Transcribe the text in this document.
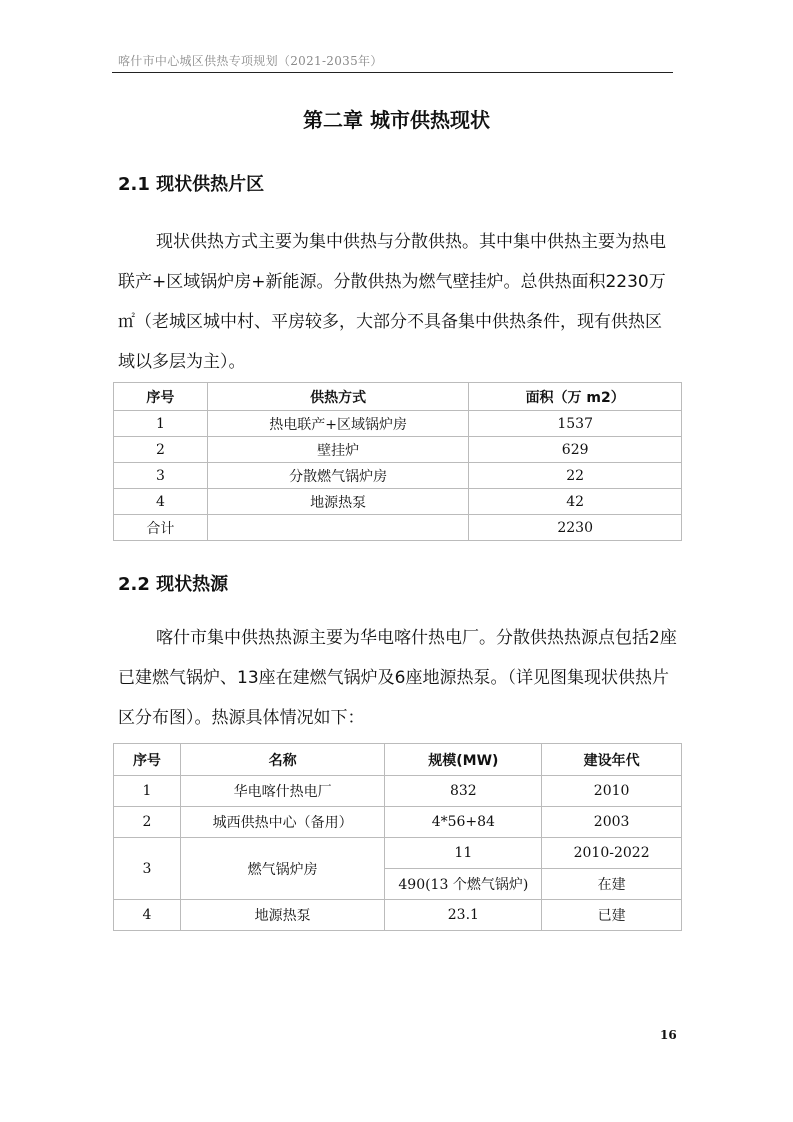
喀什市中心城区供热专项规划（2021-2035年）
第二章 城市供热现状
2.1 现状供热片区
现状供热方式主要为集中供热与分散供热。其中集中供热主要为热电联产+区域锅炉房+新能源。分散供热为燃气壁挂炉。总供热面积2230万㎡（老城区城中村、平房较多，大部分不具备集中供热条件，现有供热区域以多层为主）。
序号	供热方式	面积（万 m2）
1	热电联产+区域锅炉房	1537
2	壁挂炉	629
3	分散燃气锅炉房	22
4	地源热泵	42
合计		2230
2.2 现状热源
喀什市集中供热热源主要为华电喀什热电厂。分散供热热源点包括2座已建燃气锅炉、13座在建燃气锅炉及6座地源热泵。（详见图集现状供热片区分布图）。热源具体情况如下：
序号	名称	规模(MW)	建设年代
1	华电喀什热电厂	832	2010
2	城西供热中心（备用）	4*56+84	2003
3	燃气锅炉房	11	2010-2022
		490(13 个燃气锅炉)	在建
4	地源热泵	23.1	已建
16
